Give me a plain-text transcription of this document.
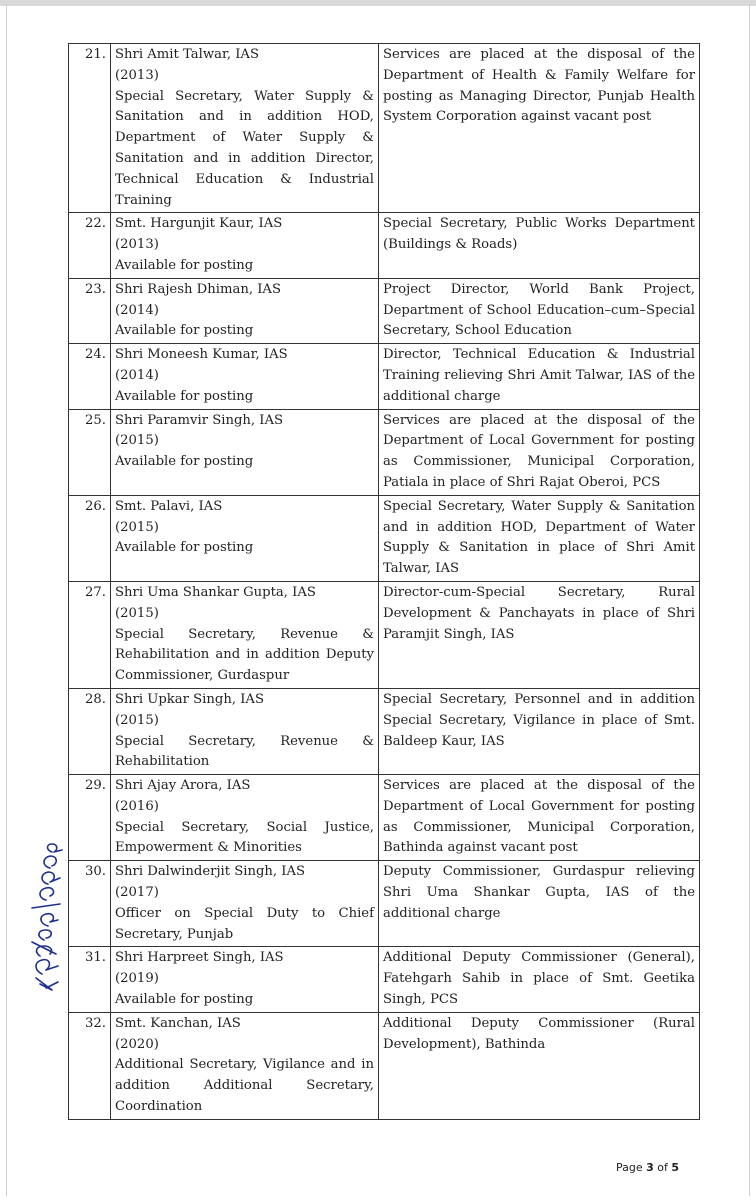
21.	Shri Amit Talwar, IAS
(2013)
Special Secretary, Water Supply & Sanitation and in addition HOD, Department of Water Supply & Sanitation and in addition Director, Technical Education & Industrial Training	Services are placed at the disposal of the Department of Health & Family Welfare for posting as Managing Director, Punjab Health System Corporation against vacant post
22.	Smt. Hargunjit Kaur, IAS
(2013)
Available for posting	Special Secretary, Public Works Department (Buildings & Roads)
23.	Shri Rajesh Dhiman, IAS
(2014)
Available for posting	Project Director, World Bank Project, Department of School Education–cum–Special Secretary, School Education
24.	Shri Moneesh Kumar, IAS
(2014)
Available for posting	Director, Technical Education & Industrial Training relieving Shri Amit Talwar, IAS of the additional charge
25.	Shri Paramvir Singh, IAS
(2015)
Available for posting	Services are placed at the disposal of the Department of Local Government for posting as Commissioner, Municipal Corporation, Patiala in place of Shri Rajat Oberoi, PCS
26.	Smt. Palavi, IAS
(2015)
Available for posting	Special Secretary, Water Supply & Sanitation and in addition HOD, Department of Water Supply & Sanitation in place of Shri Amit Talwar, IAS
27.	Shri Uma Shankar Gupta, IAS
(2015)
Special Secretary, Revenue & Rehabilitation and in addition Deputy Commissioner, Gurdaspur	Director-cum-Special Secretary, Rural Development & Panchayats in place of Shri Paramjit Singh, IAS
28.	Shri Upkar Singh, IAS
(2015)
Special Secretary, Revenue & Rehabilitation	Special Secretary, Personnel and in addition Special Secretary, Vigilance in place of Smt. Baldeep Kaur, IAS
29.	Shri Ajay Arora, IAS
(2016)
Special Secretary, Social Justice, Empowerment & Minorities	Services are placed at the disposal of the Department of Local Government for posting as Commissioner, Municipal Corporation, Bathinda against vacant post
30.	Shri Dalwinderjit Singh, IAS
(2017)
Officer on Special Duty to Chief Secretary, Punjab	Deputy Commissioner, Gurdaspur relieving Shri Uma Shankar Gupta, IAS of the additional charge
31.	Shri Harpreet Singh, IAS
(2019)
Available for posting	Additional Deputy Commissioner (General), Fatehgarh Sahib in place of Smt. Geetika Singh, PCS
32.	Smt. Kanchan, IAS
(2020)
Additional Secretary, Vigilance and in addition Additional Secretary, Coordination	Additional Deputy Commissioner (Rural Development), Bathinda
Page 3 of 5
